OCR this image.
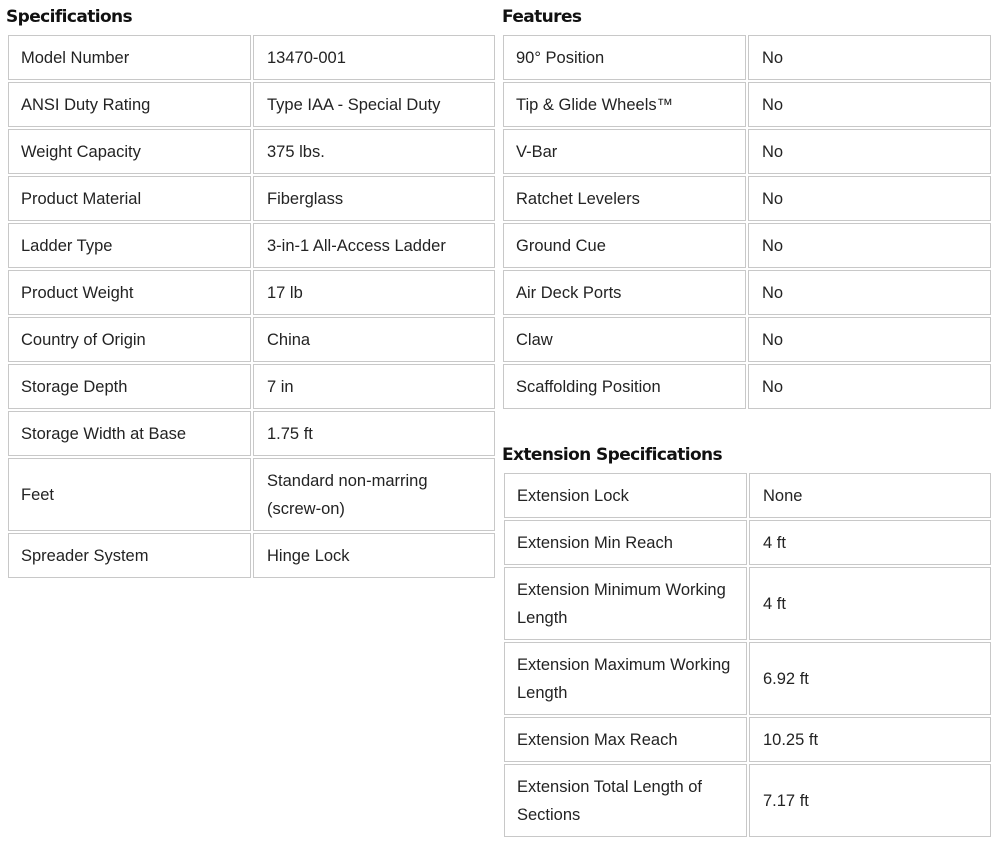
Specifications
Model Number	13470-001
ANSI Duty Rating	Type IAA - Special Duty
Weight Capacity	375 lbs.
Product Material	Fiberglass
Ladder Type	3-in-1 All-Access Ladder
Product Weight	17 lb
Country of Origin	China
Storage Depth	7 in
Storage Width at Base	1.75 ft
Feet	Standard non-marring (screw-on)
Spreader System	Hinge Lock
Features
90° Position	No
Tip & Glide Wheels™	No
V-Bar	No
Ratchet Levelers	No
Ground Cue	No
Air Deck Ports	No
Claw	No
Scaffolding Position	No
Extension Specifications
Extension Lock	None
Extension Min Reach	4 ft
Extension Minimum Working Length	4 ft
Extension Maximum Working Length	6.92 ft
Extension Max Reach	10.25 ft
Extension Total Length of Sections	7.17 ft
